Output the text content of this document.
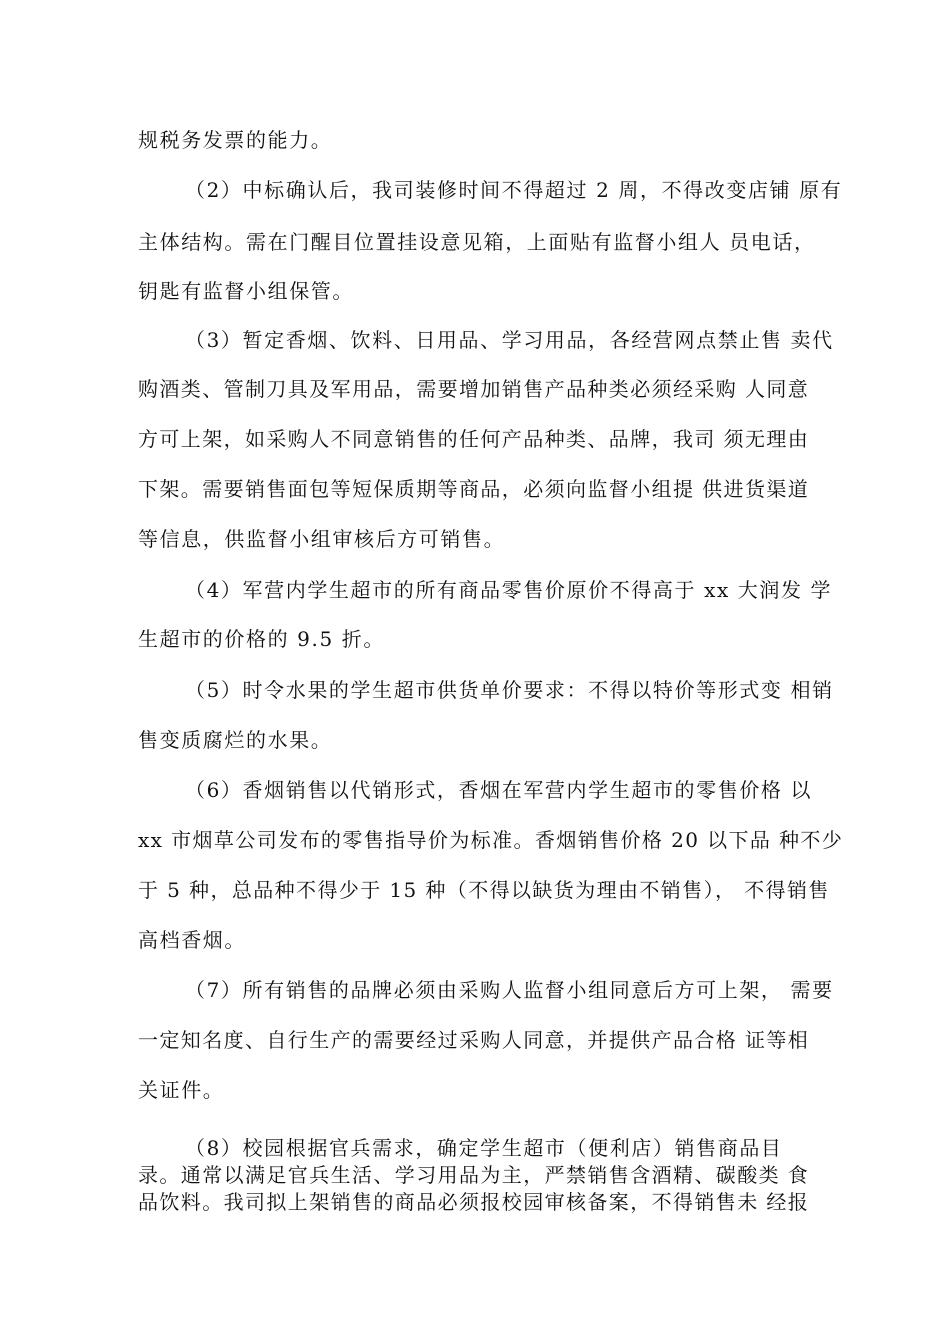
规税务发票的能力。
（2）中标确认后，我司装修时间不得超过 2 周，不得改变店铺 原有
主体结构。需在门醒目位置挂设意见箱，上面贴有监督小组人 员电话，
钥匙有监督小组保管。
（3）暂定香烟、饮料、日用品、学习用品，各经营网点禁止售 卖代
购酒类、管制刀具及军用品，需要增加销售产品种类必须经采购 人同意
方可上架，如采购人不同意销售的任何产品种类、品牌，我司 须无理由
下架。需要销售面包等短保质期等商品，必须向监督小组提 供进货渠道
等信息，供监督小组审核后方可销售。
（4）军营内学生超市的所有商品零售价原价不得高于 xx 大润发 学
生超市的价格的 9.5 折。
（5）时令水果的学生超市供货单价要求：不得以特价等形式变 相销
售变质腐烂的水果。
（6）香烟销售以代销形式，香烟在军营内学生超市的零售价格 以
xx 市烟草公司发布的零售指导价为标准。香烟销售价格 20 以下品 种不少
于 5 种，总品种不得少于 15 种（不得以缺货为理由不销售）， 不得销售
高档香烟。
（7）所有销售的品牌必须由采购人监督小组同意后方可上架， 需要
一定知名度、自行生产的需要经过采购人同意，并提供产品合格 证等相
关证件。
（8）校园根据官兵需求，确定学生超市（便利店）销售商品目
录。通常以满足官兵生活、学习用品为主，严禁销售含酒精、碳酸类 食
品饮料。我司拟上架销售的商品必须报校园审核备案，不得销售未 经报
